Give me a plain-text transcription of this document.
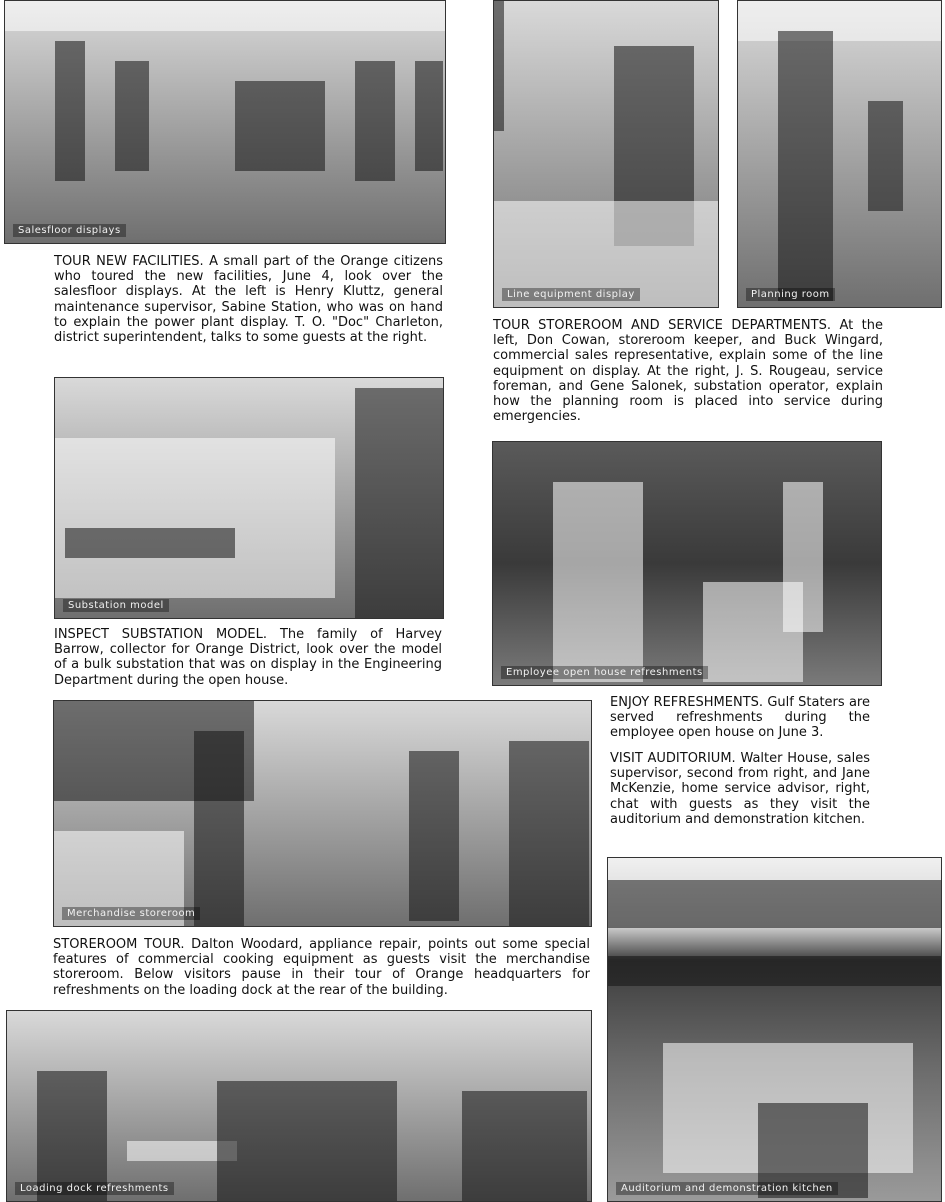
Salesfloor displays

TOUR NEW FACILITIES. A small part of the Orange citizens who toured the new facilities, June 4, look over the salesfloor displays. At the left is Henry Kluttz, general maintenance supervisor, Sabine Station, who was on hand to explain the power plant display. T. O. "Doc" Charleton, district superintendent, talks to some guests at the right.

Line equipment display	Planning room

TOUR STOREROOM AND SERVICE DEPARTMENTS. At the left, Don Cowan, storeroom keeper, and Buck Wingard, commercial sales representative, explain some of the line equipment on display. At the right, J. S. Rougeau, service foreman, and Gene Salonek, substation operator, explain how the planning room is placed into service during emergencies.

Substation model

INSPECT SUBSTATION MODEL. The family of Harvey Barrow, collector for Orange District, look over the model of a bulk substation that was on display in the Engineering Department during the open house.

Employee open house refreshments

ENJOY REFRESHMENTS. Gulf Staters are served refreshments during the employee open house on June 3.

VISIT AUDITORIUM. Walter House, sales supervisor, second from right, and Jane McKenzie, home service advisor, right, chat with guests as they visit the auditorium and demonstration kitchen.

Merchandise storeroom

STOREROOM TOUR. Dalton Woodard, appliance repair, points out some special features of commercial cooking equipment as guests visit the merchandise storeroom. Below visitors pause in their tour of Orange headquarters for refreshments on the loading dock at the rear of the building.

Loading dock refreshments	Auditorium and demonstration kitchen
